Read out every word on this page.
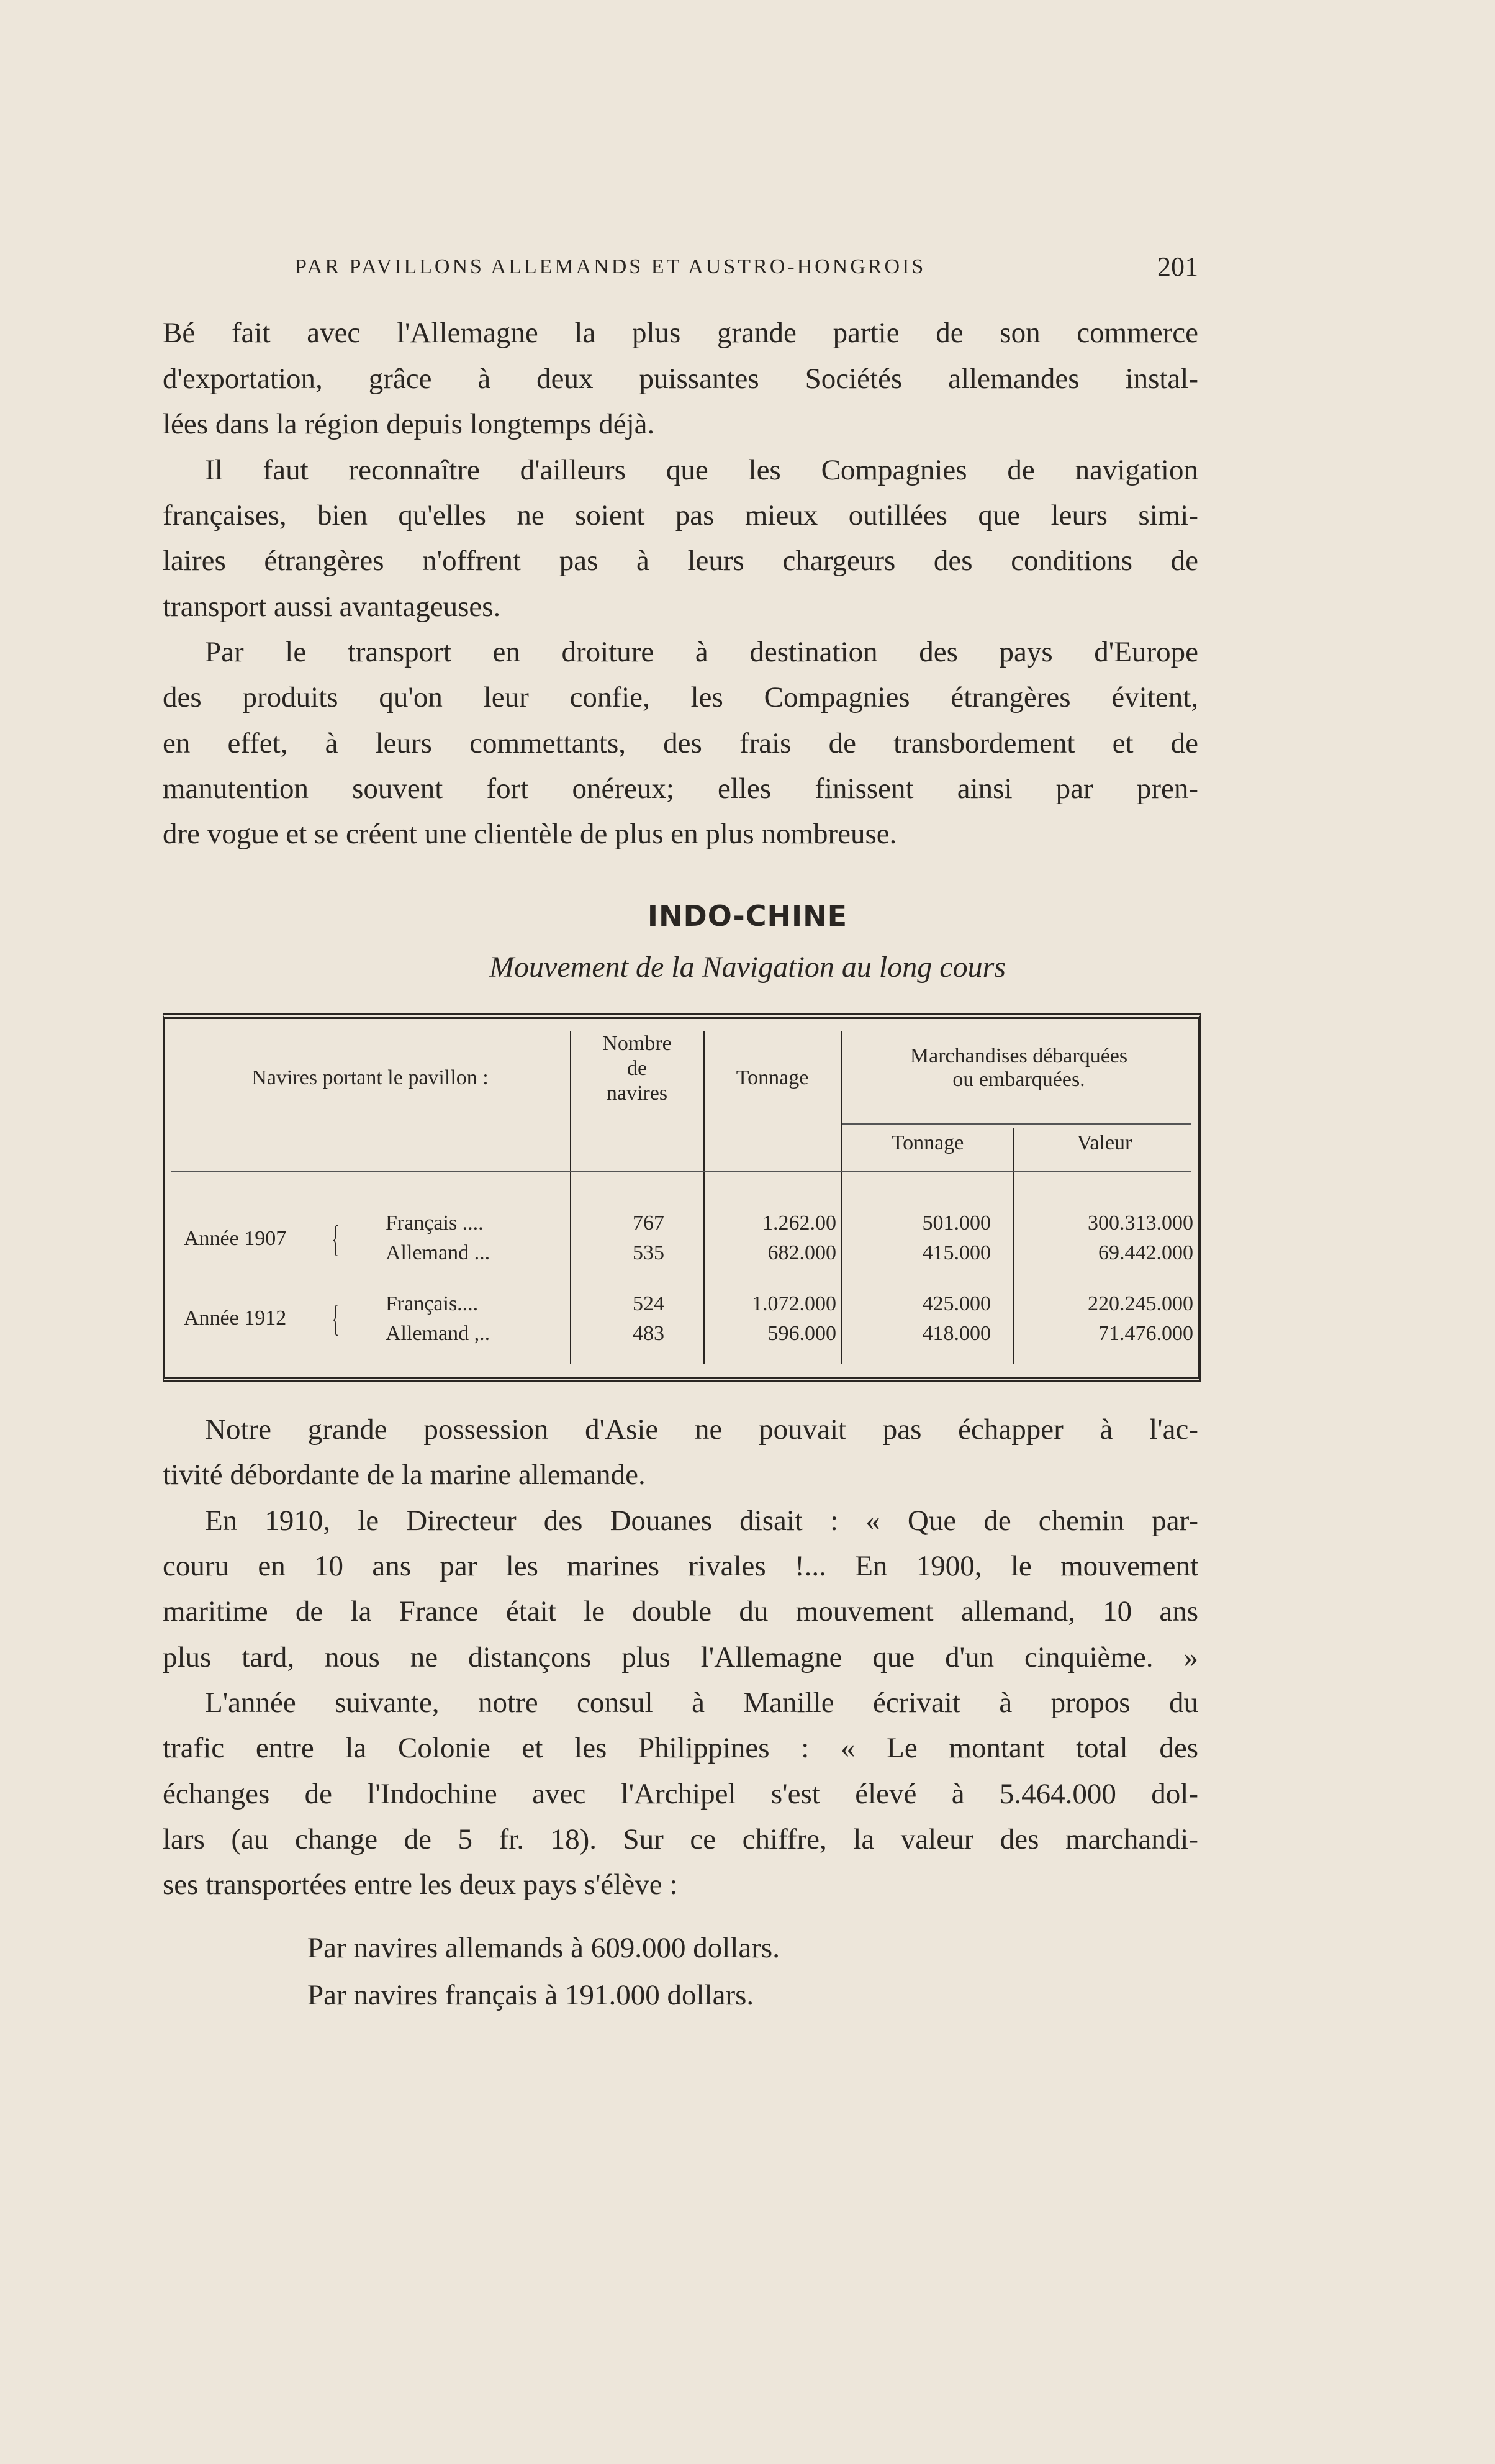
PAR PAVILLONS ALLEMANDS ET AUSTRO-HONGROIS	201
Bé fait avec l'Allemagne la plus grande partie de son commerce
d'exportation, grâce à deux puissantes Sociétés allemandes instal-
lées dans la région depuis longtemps déjà.
Il faut reconnaître d'ailleurs que les Compagnies de navigation
françaises, bien qu'elles ne soient pas mieux outillées que leurs simi-
laires étrangères n'offrent pas à leurs chargeurs des conditions de
transport aussi avantageuses.
Par le transport en droiture à destination des pays d'Europe
des produits qu'on leur confie, les Compagnies étrangères évitent,
en effet, à leurs commettants, des frais de transbordement et de
manutention souvent fort onéreux; elles finissent ainsi par pren-
dre vogue et se créent une clientèle de plus en plus nombreuse.
INDO-CHINE
Mouvement de la Navigation au long cours
Navires portant le pavillon :
Nombre
de
navires
Tonnage
Marchandises débarquées
ou embarquées.
Tonnage	Valeur
Année 1907 { Français ....
Allemand ...
767
535
1.262.00
682.000
501.000
415.000
300.313.000
69.442.000
Année 1912 { Français....
Allemand ,..
524
483
1.072.000
596.000
425.000
418.000
220.245.000
71.476.000
Notre grande possession d'Asie ne pouvait pas échapper à l'ac-
tivité débordante de la marine allemande.
En 1910, le Directeur des Douanes disait : « Que de chemin par-
couru en 10 ans par les marines rivales !... En 1900, le mouvement
maritime de la France était le double du mouvement allemand, 10 ans
plus tard, nous ne distançons plus l'Allemagne que d'un cinquième. »
L'année suivante, notre consul à Manille écrivait à propos du
trafic entre la Colonie et les Philippines : « Le montant total des
échanges de l'Indochine avec l'Archipel s'est élevé à 5.464.000 dol-
lars (au change de 5 fr. 18). Sur ce chiffre, la valeur des marchandi-
ses transportées entre les deux pays s'élève :
Par navires allemands à 609.000 dollars.
Par navires français à 191.000 dollars.
